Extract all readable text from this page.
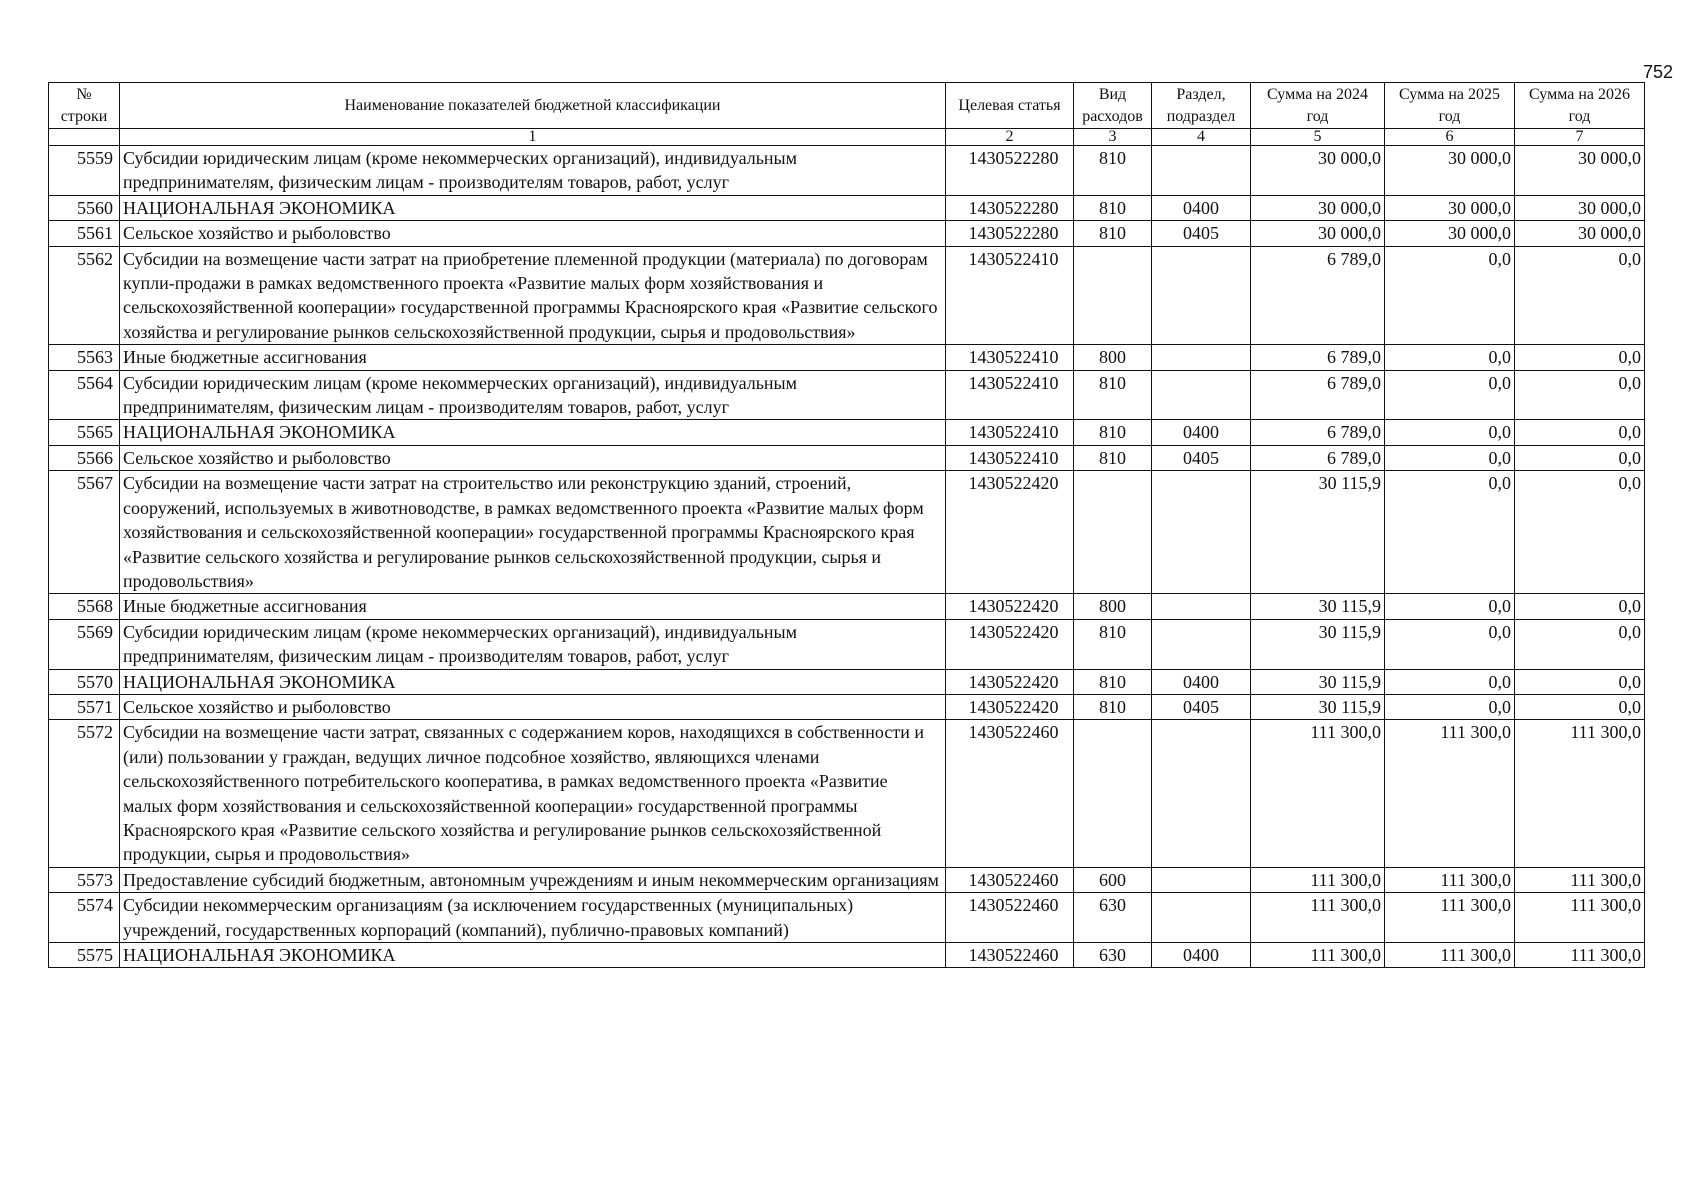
752
№ строки	Наименование показателей бюджетной классификации	Целевая статья	Вид расходов	Раздел, подраздел	Сумма на 2024 год	Сумма на 2025 год	Сумма на 2026 год
	1	2	3	4	5	6	7
5559	Субсидии юридическим лицам (кроме некоммерческих организаций), индивидуальным предпринимателям, физическим лицам - производителям товаров, работ, услуг	1430522280	810		30 000,0	30 000,0	30 000,0
5560	НАЦИОНАЛЬНАЯ ЭКОНОМИКА	1430522280	810	0400	30 000,0	30 000,0	30 000,0
5561	Сельское хозяйство и рыболовство	1430522280	810	0405	30 000,0	30 000,0	30 000,0
5562	Субсидии на возмещение части затрат на приобретение племенной продукции (материала) по договорам купли-продажи в рамках ведомственного проекта «Развитие малых форм хозяйствования и сельскохозяйственной кооперации» государственной программы Красноярского края «Развитие сельского хозяйства и регулирование рынков сельскохозяйственной продукции, сырья и продовольствия»	1430522410			6 789,0	0,0	0,0
5563	Иные бюджетные ассигнования	1430522410	800		6 789,0	0,0	0,0
5564	Субсидии юридическим лицам (кроме некоммерческих организаций), индивидуальным предпринимателям, физическим лицам - производителям товаров, работ, услуг	1430522410	810		6 789,0	0,0	0,0
5565	НАЦИОНАЛЬНАЯ ЭКОНОМИКА	1430522410	810	0400	6 789,0	0,0	0,0
5566	Сельское хозяйство и рыболовство	1430522410	810	0405	6 789,0	0,0	0,0
5567	Субсидии на возмещение части затрат на строительство или реконструкцию зданий, строений, сооружений, используемых в животноводстве, в рамках ведомственного проекта «Развитие малых форм хозяйствования и сельскохозяйственной кооперации» государственной программы Красноярского края «Развитие сельского хозяйства и регулирование рынков сельскохозяйственной продукции, сырья и продовольствия»	1430522420			30 115,9	0,0	0,0
5568	Иные бюджетные ассигнования	1430522420	800		30 115,9	0,0	0,0
5569	Субсидии юридическим лицам (кроме некоммерческих организаций), индивидуальным предпринимателям, физическим лицам - производителям товаров, работ, услуг	1430522420	810		30 115,9	0,0	0,0
5570	НАЦИОНАЛЬНАЯ ЭКОНОМИКА	1430522420	810	0400	30 115,9	0,0	0,0
5571	Сельское хозяйство и рыболовство	1430522420	810	0405	30 115,9	0,0	0,0
5572	Субсидии на возмещение части затрат, связанных с содержанием коров, находящихся в собственности и (или) пользовании у граждан, ведущих личное подсобное хозяйство, являющихся членами сельскохозяйственного потребительского кооператива, в рамках ведомственного проекта «Развитие малых форм хозяйствования и сельскохозяйственной кооперации» государственной программы Красноярского края «Развитие сельского хозяйства и регулирование рынков сельскохозяйственной продукции, сырья и продовольствия»	1430522460			111 300,0	111 300,0	111 300,0
5573	Предоставление субсидий бюджетным, автономным учреждениям и иным некоммерческим организациям	1430522460	600		111 300,0	111 300,0	111 300,0
5574	Субсидии некоммерческим организациям (за исключением государственных (муниципальных) учреждений, государственных корпораций (компаний), публично-правовых компаний)	1430522460	630		111 300,0	111 300,0	111 300,0
5575	НАЦИОНАЛЬНАЯ ЭКОНОМИКА	1430522460	630	0400	111 300,0	111 300,0	111 300,0
